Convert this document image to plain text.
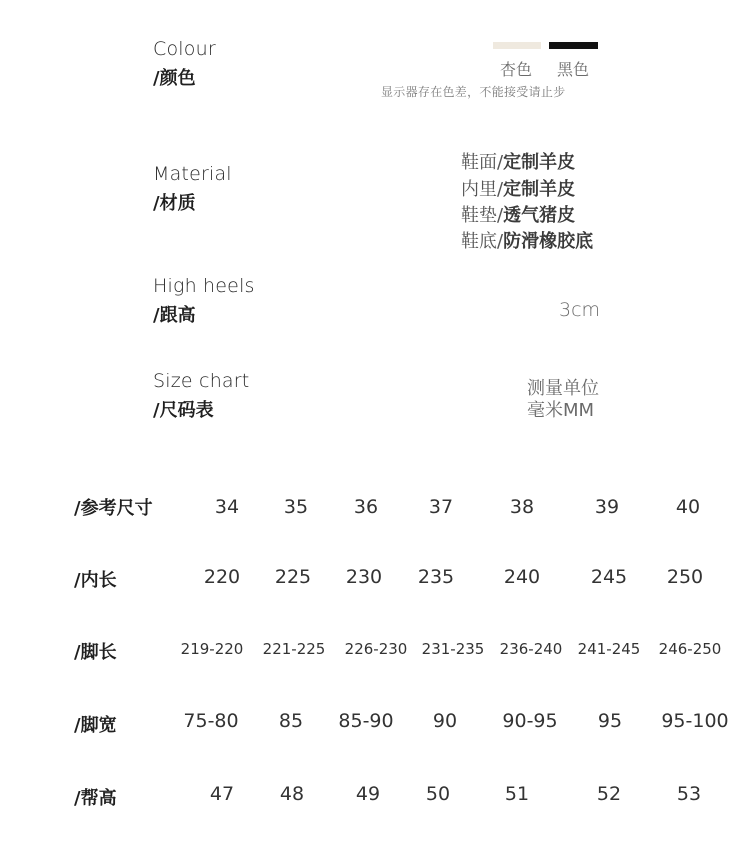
Colour
/颜色	杏色 黑色
显示器存在色差，不能接受请止步
Material
/材质
鞋面/定制羊皮
内里/定制羊皮
鞋垫/透气猪皮
鞋底/防滑橡胶底
High heels
/跟高	3cm
Size chart
/尺码表
测量单位
毫米MM
/参考尺寸	34	35	36	37	38	39	40
/内长	220	225	230	235	240	245	250
/脚长	219-220	221-225	226-230 231-235	236-240	241-245	246-250
/脚宽	75-80	85	85-90	90	90-95	95	95-100
/帮高	47	48	49	50	51	52	53
